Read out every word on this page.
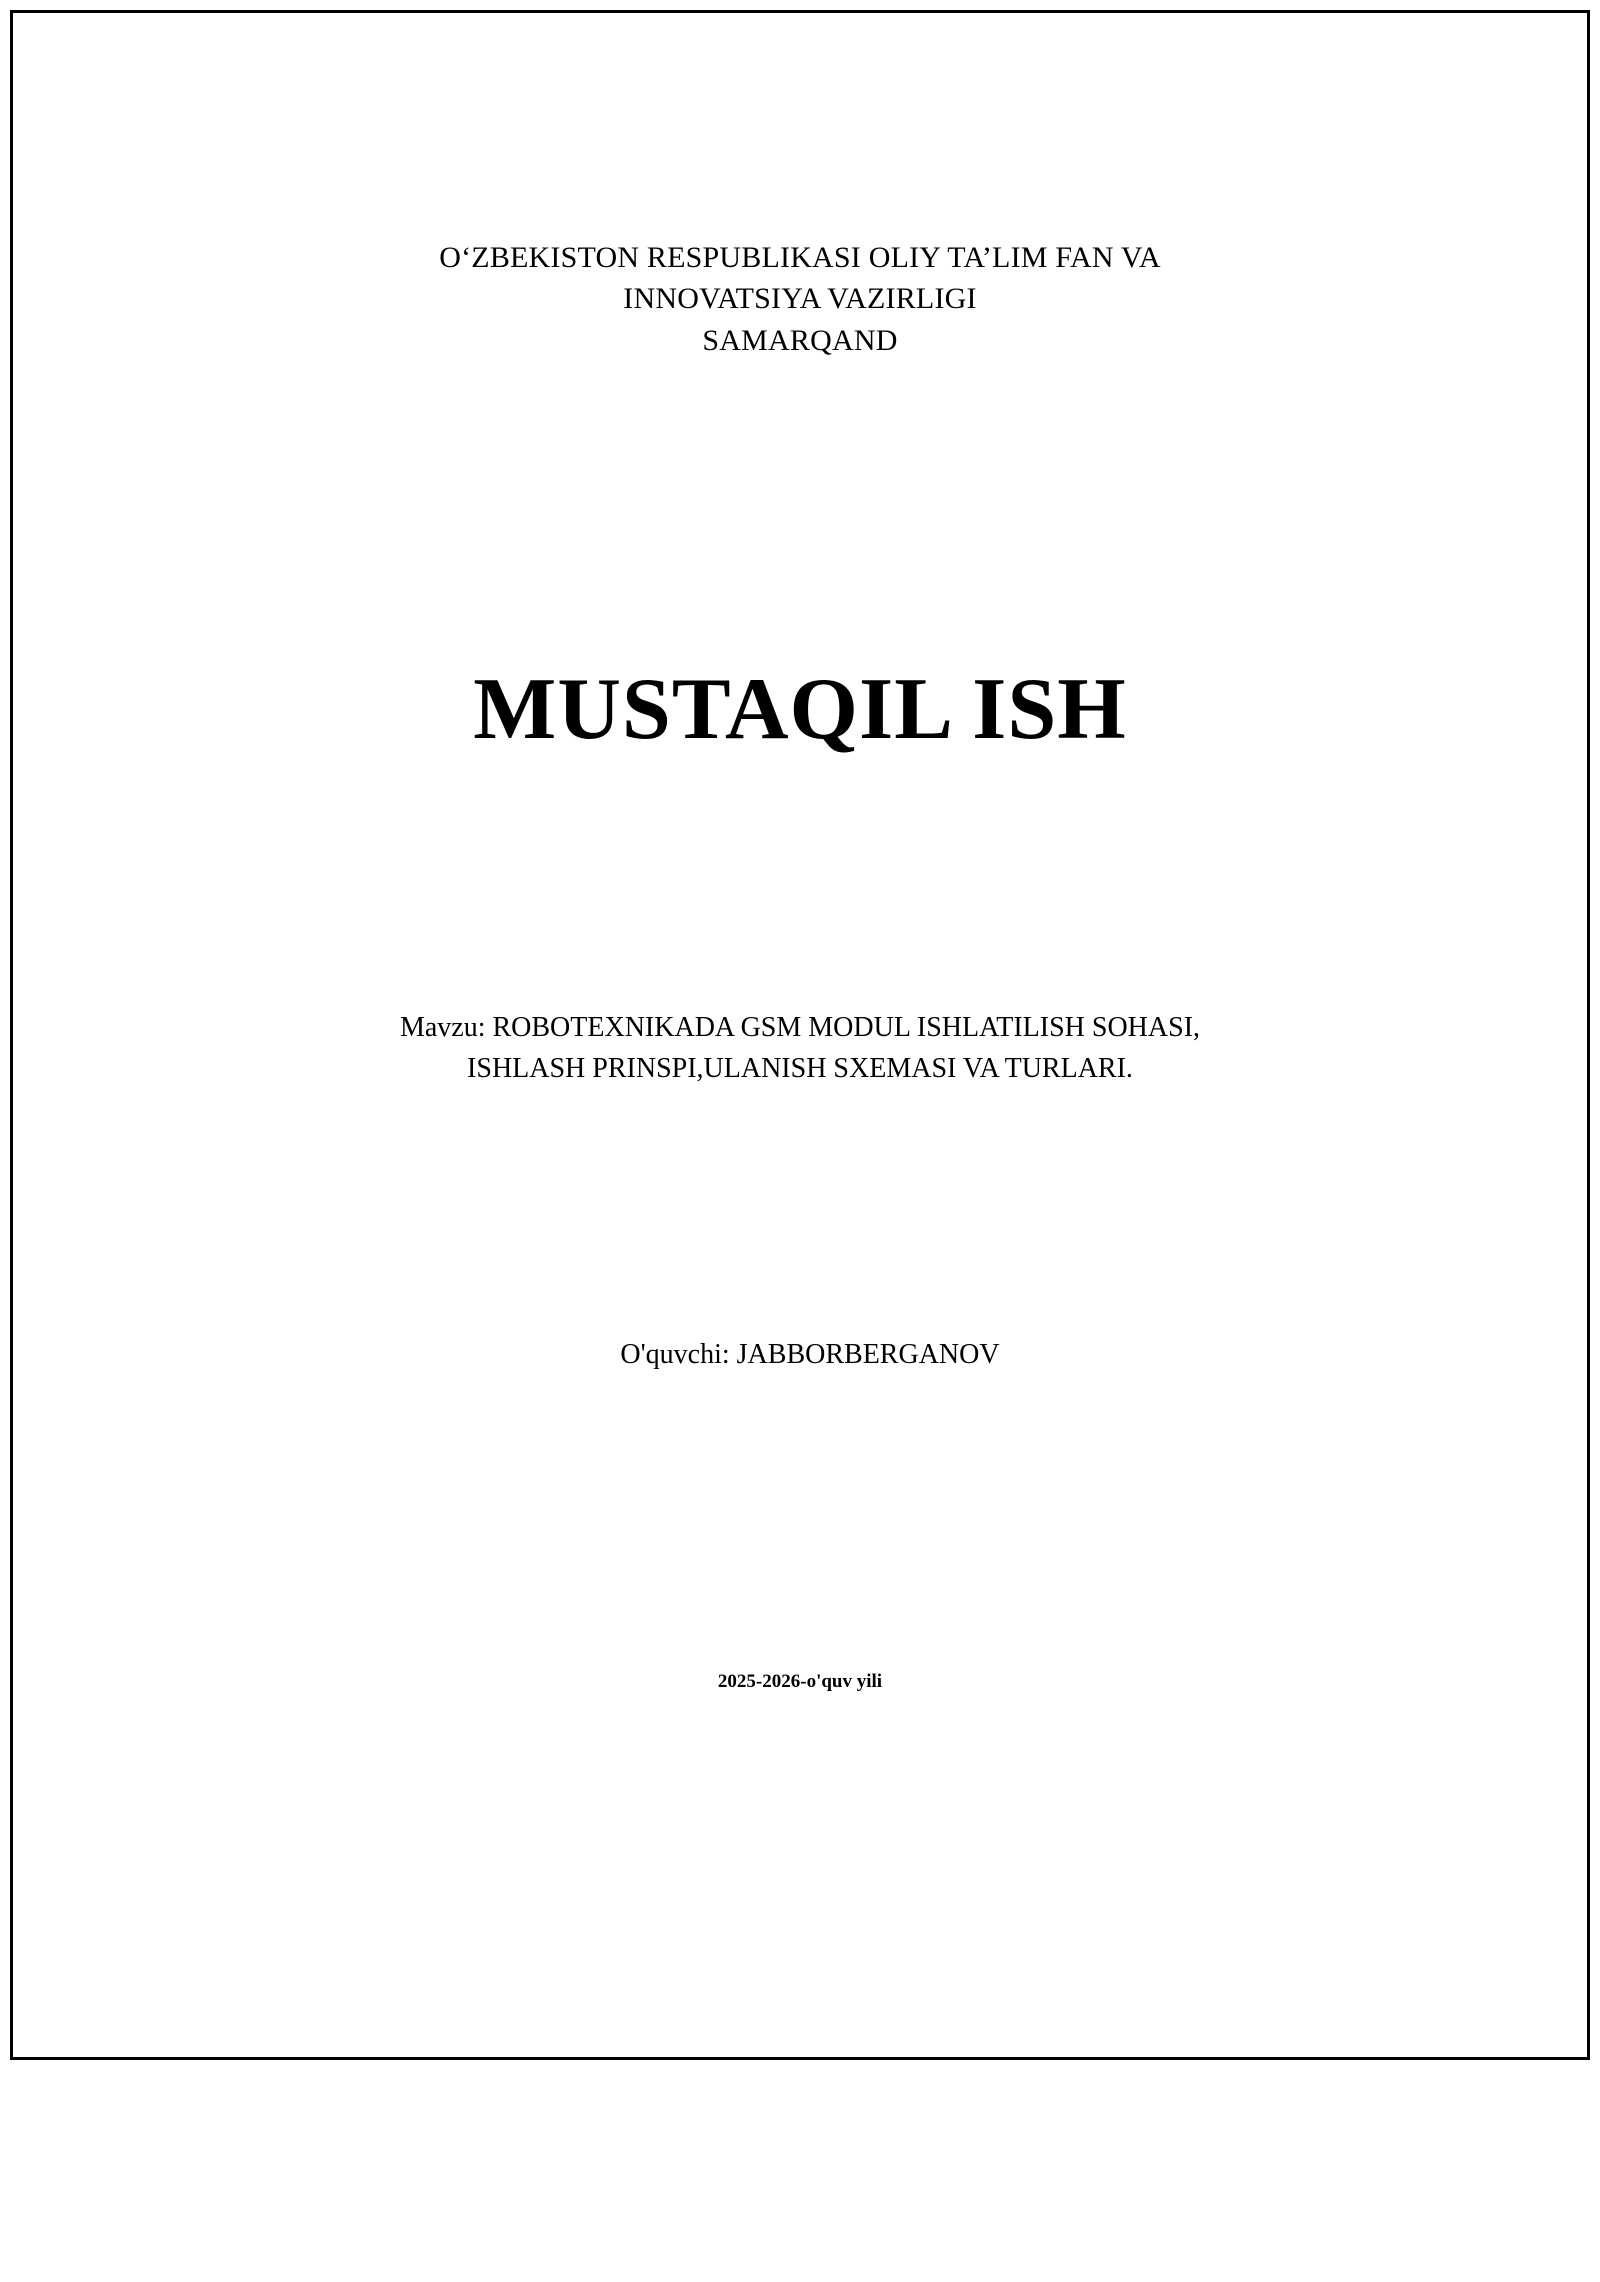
O‘ZBEKISTON RESPUBLIKASI OLIY TA’LIM FAN VA
INNOVATSIYA VAZIRLIGI
SAMARQAND
MUSTAQIL ISH
Mavzu: ROBOTEXNIKADA GSM MODUL ISHLATILISH SOHASI,
ISHLASH PRINSPI,ULANISH SXEMASI VA TURLARI.
O'quvchi: JABBORBERGANOV
2025-2026-o'quv yili
